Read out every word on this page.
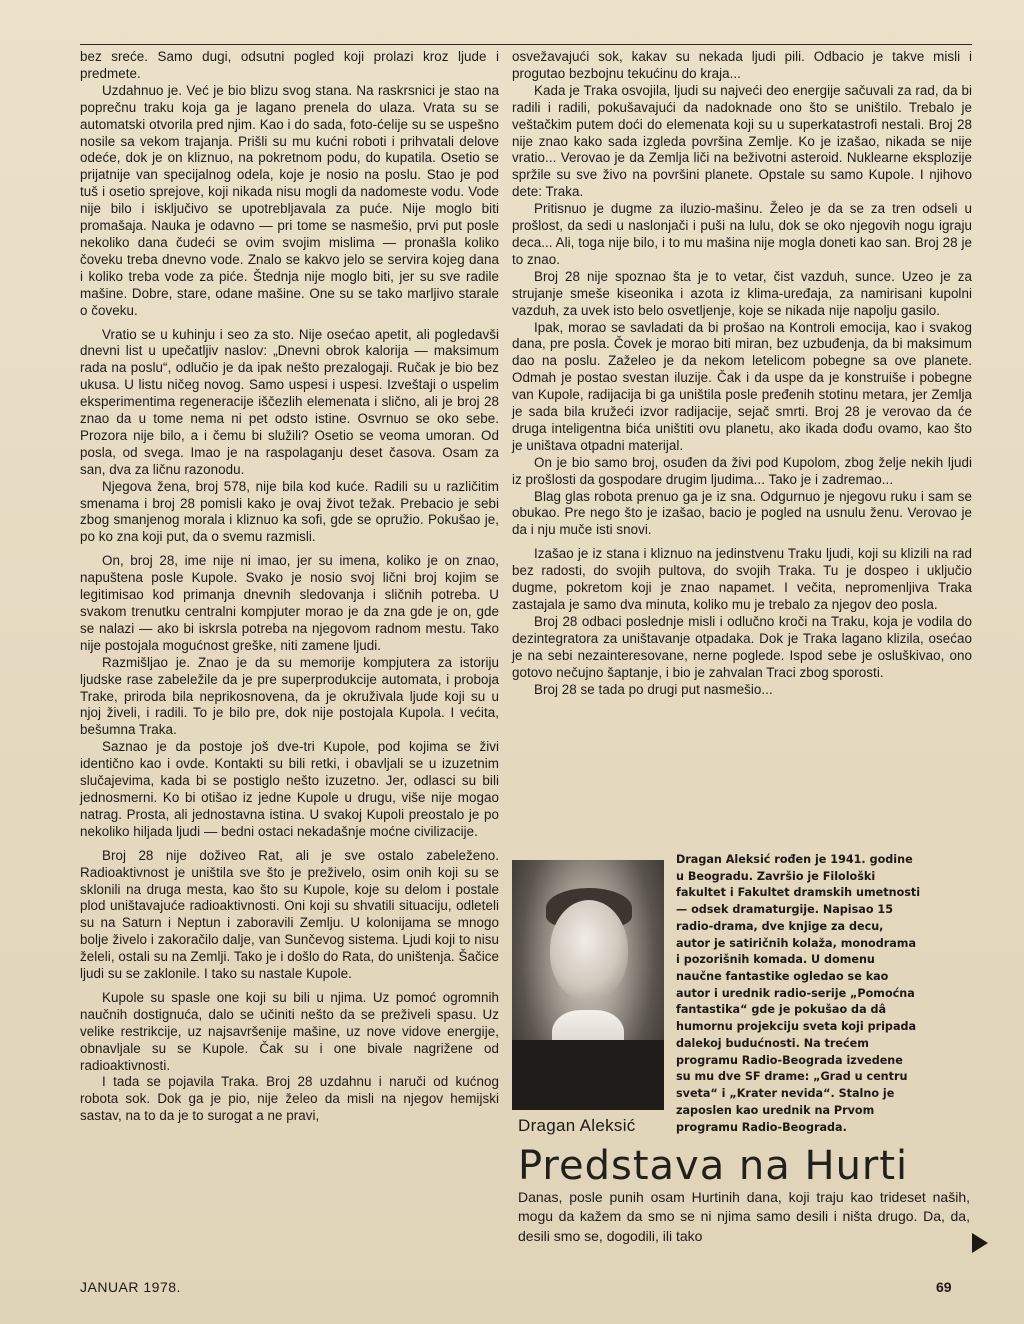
bez sreće. Samo dugi, odsutni pogled koji prolazi kroz ljude i predmete.

Uzdahnuo je. Već je bio blizu svog stana. Na raskrsnici je stao na poprečnu traku koja ga je lagano prenela do ulaza. Vrata su se automatski otvorila pred njim. Kao i do sada, foto-ćelije su se uspešno nosile sa vekom trajanja. Prišli su mu kućni roboti i prihvatali delove odeće, dok je on kliznuo, na pokretnom podu, do kupatila. Osetio se prijatnije van specijalnog odela, koje je nosio na poslu. Stao je pod tuš i osetio sprejove, koji nikada nisu mogli da nadomeste vodu. Vode nije bilo i isključivo se upotrebljavala za puće. Nije moglo biti promašaja. Nauka je odavno — pri tome se nasmešio, prvi put posle nekoliko dana čudeći se ovim svojim mislima — pronašla koliko čoveku treba dnevno vode. Znalo se kakvo jelo se servira kojeg dana i koliko treba vode za piće. Štednja nije moglo biti, jer su sve radile mašine. Dobre, stare, odane mašine. One su se tako marljivo starale o čoveku.

Vratio se u kuhinju i seo za sto. Nije osećao apetit, ali pogledavši dnevni list u upečatljiv naslov: „Dnevni obrok kalorija — maksimum rada na poslu“, odlučio je da ipak nešto prezalogaji. Ručak je bio bez ukusa. U listu ničeg novog. Samo uspesi i uspesi. Izveštaji o uspelim eksperimentima regeneracije iščezlih elemenata i slično, ali je broj 28 znao da u tome nema ni pet odsto istine. Osvrnuo se oko sebe. Prozora nije bilo, a i čemu bi služili? Osetio se veoma umoran. Od posla, od svega. Imao je na raspolaganju deset časova. Osam za san, dva za ličnu razonodu.

Njegova žena, broj 578, nije bila kod kuće. Radili su u različitim smenama i broj 28 pomisli kako je ovaj život težak. Prebacio je sebi zbog smanjenog morala i kliznuo ka sofi, gde se opružio. Pokušao je, po ko zna koji put, da o svemu razmisli.

On, broj 28, ime nije ni imao, jer su imena, koliko je on znao, napuštena posle Kupole. Svako je nosio svoj lični broj kojim se legitimisao kod primanja dnevnih sledovanja i sličnih potreba. U svakom trenutku centralni kompjuter morao je da zna gde je on, gde se nalazi — ako bi iskrsla potreba na njegovom radnom mestu. Tako nije postojala mogućnost greške, niti zamene ljudi.

Razmišljao je. Znao je da su memorije kompjutera za istoriju ljudske rase zabeležile da je pre superprodukcije automata, i proboja Trake, priroda bila neprikosnovena, da je okruživala ljude koji su u njoj živeli, i radili. To je bilo pre, dok nije postojala Kupola. I većita, bešumna Traka.

Saznao je da postoje još dve-tri Kupole, pod kojima se živi identično kao i ovde. Kontakti su bili retki, i obavljali se u izuzetnim slučajevima, kada bi se postiglo nešto izuzetno. Jer, odlasci su bili jednosmerni. Ko bi otišao iz jedne Kupole u drugu, više nije mogao natrag. Prosta, ali jednostavna istina. U svakoj Kupoli preostalo je po nekoliko hiljada ljudi — bedni ostaci nekadašnje moćne civilizacije.

Broj 28 nije doživeo Rat, ali je sve ostalo zabeleženo. Radioaktivnost je uništila sve što je preživelo, osim onih koji su se sklonili na druga mesta, kao što su Kupole, koje su delom i postale plod uništavajuće radioaktivnosti. Oni koji su shvatili situaciju, odleteli su na Saturn i Neptun i zaboravili Zemlju. U kolonijama se mnogo bolje živelo i zakoračilo dalje, van Sunčevog sistema. Ljudi koji to nisu želeli, ostali su na Zemlji. Tako je i došlo do Rata, do uništenja. Šačice ljudi su se zaklonile. I tako su nastale Kupole.

Kupole su spasle one koji su bili u njima. Uz pomoć ogromnih naučnih dostignuća, dalo se učiniti nešto da se preživeli spasu. Uz velike restrikcije, uz najsavršenije mašine, uz nove vidove energije, obnavljale su se Kupole. Čak su i one bivale nagrižene od radioaktivnosti.

I tada se pojavila Traka. Broj 28 uzdahnu i naruči od kućnog robota sok. Dok ga je pio, nije želeo da misli na njegov hemijski sastav, na to da je to surogat a ne pravi,

osvežavajući sok, kakav su nekada ljudi pili. Odbacio je takve misli i progutao bezbojnu tekućinu do kraja...

Kada je Traka osvojila, ljudi su najveći deo energije sačuvali za rad, da bi radili i radili, pokušavajući da nadoknade ono što se uništilo. Trebalo je veštačkim putem doći do elemenata koji su u superkatastrofi nestali. Broj 28 nije znao kako sada izgleda površina Zemlje. Ko je izašao, nikada se nije vratio... Verovao je da Zemlja liči na beživotni asteroid. Nuklearne eksplozije spržile su sve živo na površini planete. Opstale su samo Kupole. I njihovo dete: Traka.

Pritisnuo je dugme za iluzio-mašinu. Želeo je da se za tren odseli u prošlost, da sedi u naslonjači i puši na lulu, dok se oko njegovih nogu igraju deca... Ali, toga nije bilo, i to mu mašina nije mogla doneti kao san. Broj 28 je to znao.

Broj 28 nije spoznao šta je to vetar, čist vazduh, sunce. Uzeo je za strujanje smeše kiseonika i azota iz klima-uređaja, za namirisani kupolni vazduh, za uvek isto belo osvetljenje, koje se nikada nije napolju gasilo.

Ipak, morao se savladati da bi prošao na Kontroli emocija, kao i svakog dana, pre posla. Čovek je morao biti miran, bez uzbuđenja, da bi maksimum dao na poslu. Zaželeo je da nekom letelicom pobegne sa ove planete. Odmah je postao svestan iluzije. Čak i da uspe da je konstruiše i pobegne van Kupole, radijacija bi ga uništila posle pređenih stotinu metara, jer Zemlja je sada bila kružeći izvor radijacije, sejač smrti. Broj 28 je verovao da će druga inteligentna bića uništiti ovu planetu, ako ikada dođu ovamo, kao što je uništava otpadni materijal.

On je bio samo broj, osuđen da živi pod Kupolom, zbog želje nekih ljudi iz prošlosti da gospodare drugim ljudima... Tako je i zadremao...

Blag glas robota prenuo ga je iz sna. Odgurnuo je njegovu ruku i sam se obukao. Pre nego što je izašao, bacio je pogled na usnulu ženu. Verovao je da i nju muče isti snovi.

Izašao je iz stana i kliznuo na jedinstvenu Traku ljudi, koji su klizili na rad bez radosti, do svojih pultova, do svojih Traka. Tu je dospeo i uključio dugme, pokretom koji je znao napamet. I večita, nepromenljiva Traka zastajala je samo dva minuta, koliko mu je trebalo za njegov deo posla.

Broj 28 odbaci poslednje misli i odlučno kroči na Traku, koja je vodila do dezintegratora za uništavanje otpadaka. Dok je Traka lagano klizila, osećao je na sebi nezainteresovane, nerne poglede. Ispod sebe je osluškivao, ono gotovo nečujno šaptanje, i bio je zahvalan Traci zbog sporosti.

Broj 28 se tada po drugi put nasmešio...

Dragan Aleksić
Dragan Aleksić rođen je 1941. godine
u Beogradu. Završio je Filološki
fakultet i Fakultet dramskih umetnosti
— odsek dramaturgije. Napisao 15
radio-drama, dve knjige za decu,
autor je satiričnih kolaža, monodrama
i pozorišnih komada. U domenu
naučne fantastike ogledao se kao
autor i urednik radio-serije „Pomoćna
fantastika“ gde je pokušao da dâ
humornu projekciju sveta koji pripada
dalekoj budućnosti. Na trećem
programu Radio-Beograda izvedene
su mu dve SF drame: „Grad u centru
sveta“ i „Krater nevida“. Stalno je
zaposlen kao urednik na Prvom
programu Radio-Beograda.
Predstava na Hurti
Danas, posle punih osam Hurtinih dana, koji traju kao trideset naših, mogu da kažem da smo se ni njima samo desili i ništa drugo. Da, da, desili smo se, dogodili, ili tako
JANUAR 1978.	69
